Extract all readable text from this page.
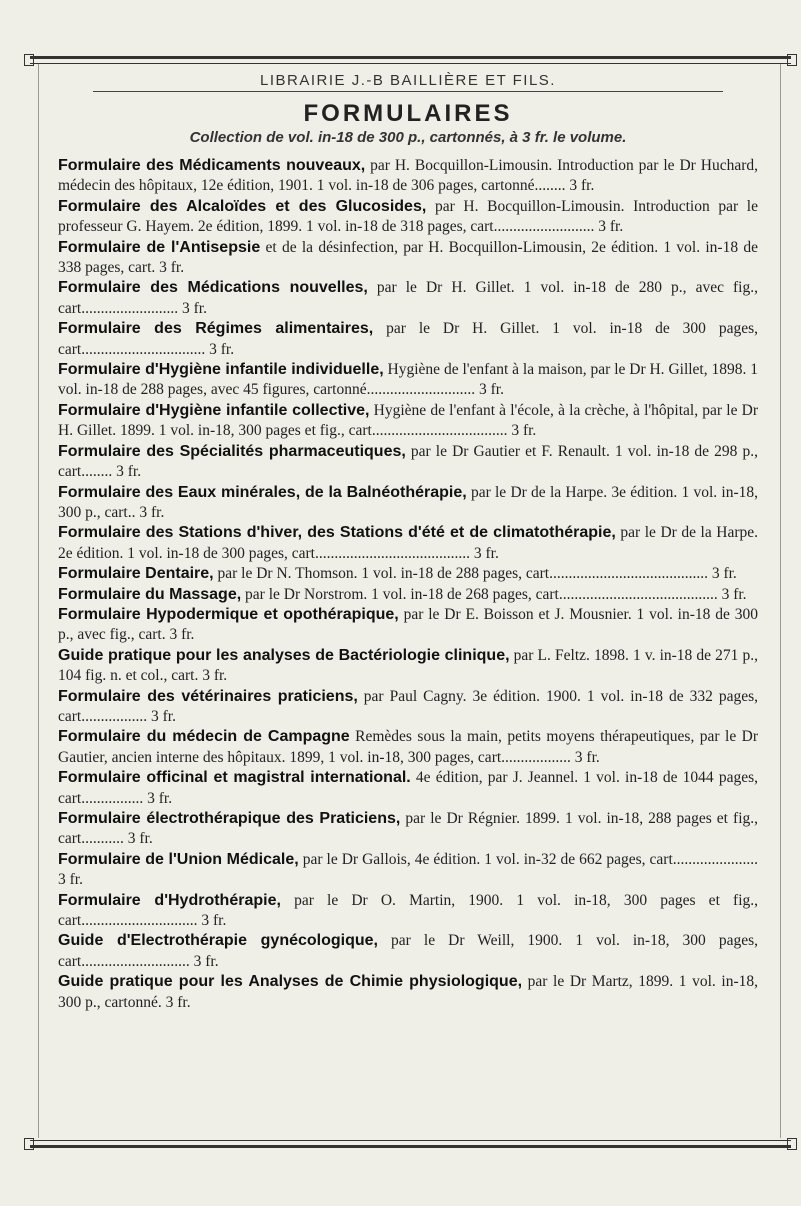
LIBRAIRIE J.-B BAILLIÈRE ET FILS.
FORMULAIRES
Collection de vol. in-18 de 300 p., cartonnés, à 3 fr. le volume.

Formulaire des Médicaments nouveaux, par H. Bocquillon-Limousin. Introduction par le Dr Huchard, médecin des hôpitaux, 12e édition, 1901. 1 vol. in-18 de 306 pages, cartonné........ 3 fr.

Formulaire des Alcaloïdes et des Glucosides, par H. Bocquillon-Limousin. Introduction par le professeur G. Hayem. 2e édition, 1899. 1 vol. in-18 de 318 pages, cart.......................... 3 fr.

Formulaire de l'Antisepsie et de la désinfection, par H. Bocquillon-Limousin, 2e édition. 1 vol. in-18 de 338 pages, cart. 3 fr.

Formulaire des Médications nouvelles, par le Dr H. Gillet. 1 vol. in-18 de 280 p., avec fig., cart......................... 3 fr.

Formulaire des Régimes alimentaires, par le Dr H. Gillet. 1 vol. in-18 de 300 pages, cart................................ 3 fr.

Formulaire d'Hygiène infantile individuelle, Hygiène de l'enfant à la maison, par le Dr H. Gillet, 1898. 1 vol. in-18 de 288 pages, avec 45 figures, cartonné............................ 3 fr.

Formulaire d'Hygiène infantile collective, Hygiène de l'enfant à l'école, à la crèche, à l'hôpital, par le Dr H. Gillet. 1899. 1 vol. in-18, 300 pages et fig., cart................................... 3 fr.

Formulaire des Spécialités pharmaceutiques, par le Dr Gautier et F. Renault. 1 vol. in-18 de 298 p., cart........ 3 fr.

Formulaire des Eaux minérales, de la Balnéothérapie, par le Dr de la Harpe. 3e édition. 1 vol. in-18, 300 p., cart.. 3 fr.

Formulaire des Stations d'hiver, des Stations d'été et de climatothérapie, par le Dr de la Harpe. 2e édition. 1 vol. in-18 de 300 pages, cart........................................ 3 fr.

Formulaire Dentaire, par le Dr N. Thomson. 1 vol. in-18 de 288 pages, cart......................................... 3 fr.

Formulaire du Massage, par le Dr Norstrom. 1 vol. in-18 de 268 pages, cart......................................... 3 fr.

Formulaire Hypodermique et opothérapique, par le Dr E. Boisson et J. Mousnier. 1 vol. in-18 de 300 p., avec fig., cart. 3 fr.

Guide pratique pour les analyses de Bactériologie clinique, par L. Feltz. 1898. 1 v. in-18 de 271 p., 104 fig. n. et col., cart. 3 fr.

Formulaire des vétérinaires praticiens, par Paul Cagny. 3e édition. 1900. 1 vol. in-18 de 332 pages, cart................. 3 fr.

Formulaire du médecin de Campagne Remèdes sous la main, petits moyens thérapeutiques, par le Dr Gautier, ancien interne des hôpitaux. 1899, 1 vol. in-18, 300 pages, cart.................. 3 fr.

Formulaire officinal et magistral international. 4e édition, par J. Jeannel. 1 vol. in-18 de 1044 pages, cart................ 3 fr.

Formulaire électrothérapique des Praticiens, par le Dr Régnier. 1899. 1 vol. in-18, 288 pages et fig., cart........... 3 fr.

Formulaire de l'Union Médicale, par le Dr Gallois, 4e édition. 1 vol. in-32 de 662 pages, cart...................... 3 fr.

Formulaire d'Hydrothérapie, par le Dr O. Martin, 1900. 1 vol. in-18, 300 pages et fig., cart.............................. 3 fr.

Guide d'Electrothérapie gynécologique, par le Dr Weill, 1900. 1 vol. in-18, 300 pages, cart............................ 3 fr.

Guide pratique pour les Analyses de Chimie physiologique, par le Dr Martz, 1899. 1 vol. in-18, 300 p., cartonné. 3 fr.
